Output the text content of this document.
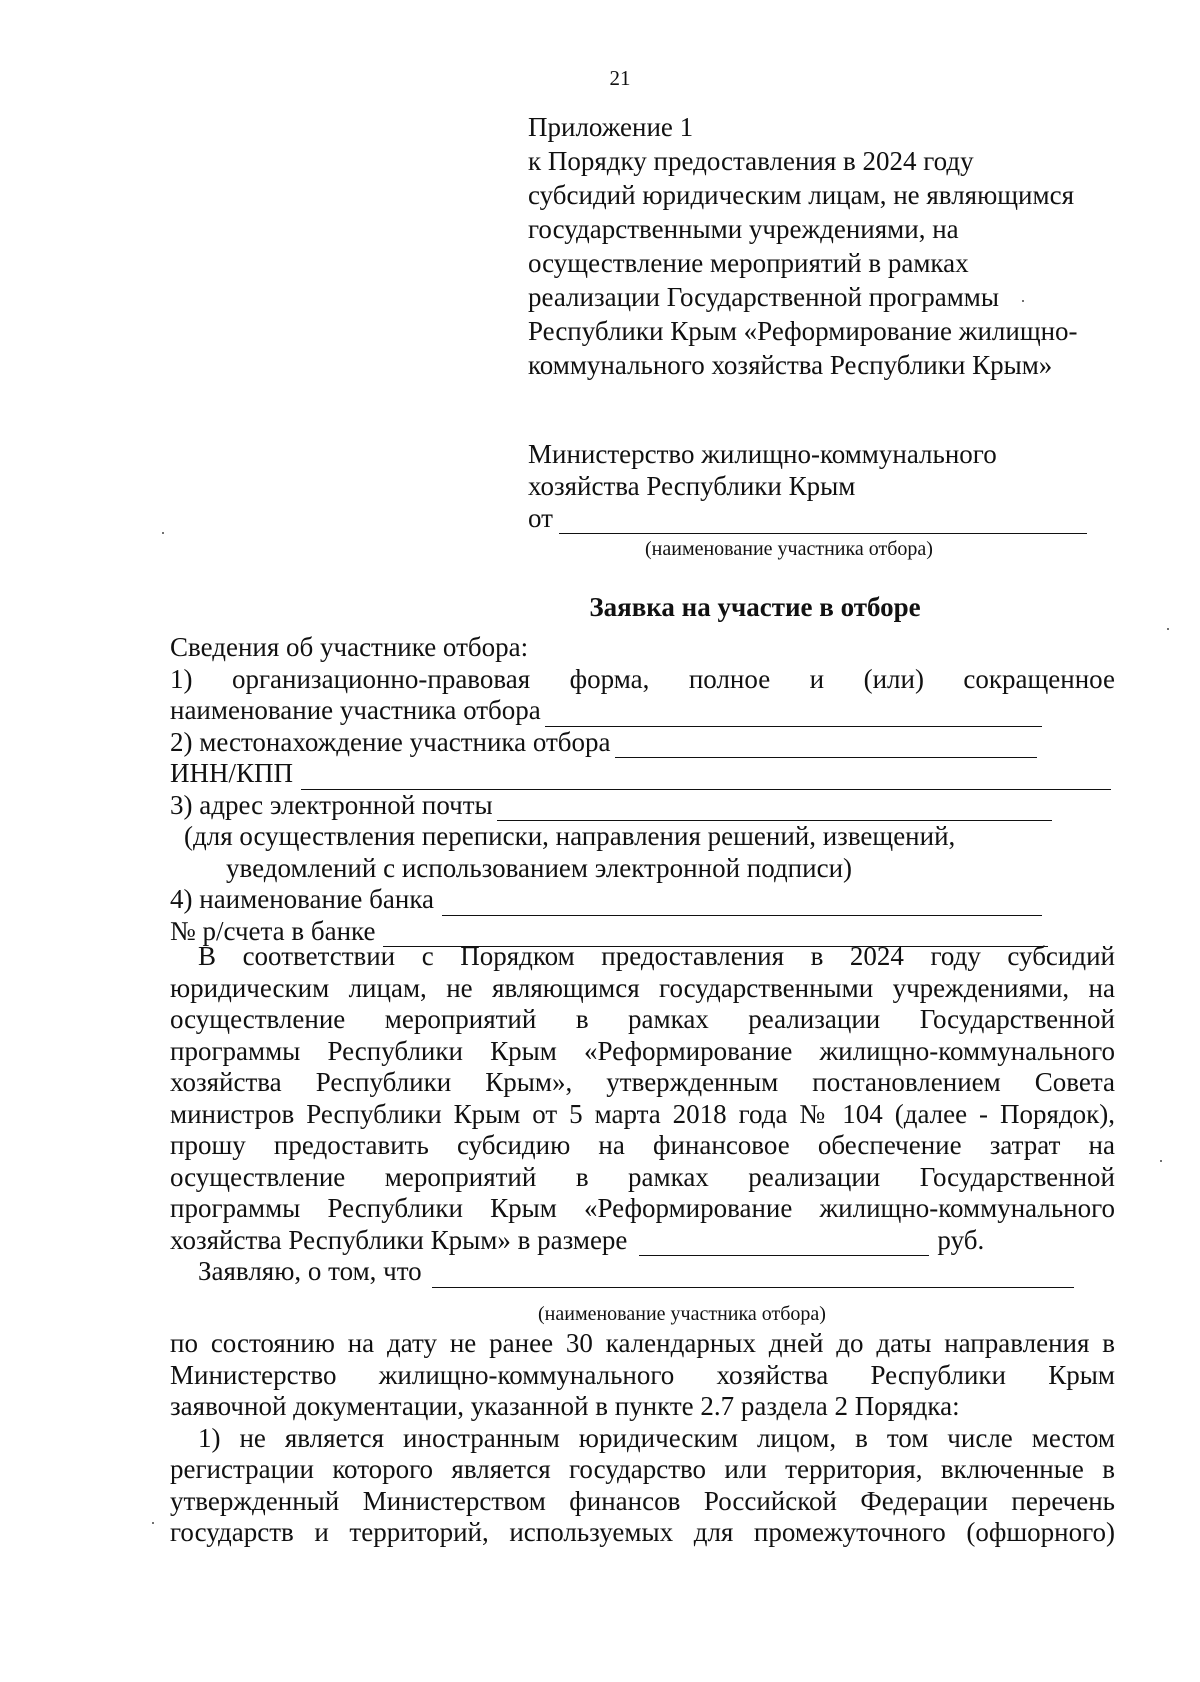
21
Приложение 1
к Порядку предоставления в 2024 году
субсидий юридическим лицам, не являющимся
государственными учреждениями, на
осуществление мероприятий в рамках
реализации Государственной программы
Республики Крым «Реформирование жилищно-
коммунального хозяйства Республики Крым»
Министерство жилищно-коммунального
хозяйства Республики Крым
от
(наименование участника отбора)
Заявка на участие в отборе
Сведения об участнике отбора:
1) организационно-правовая форма, полное и (или) сокращенное
наименование участника отбора
2) местонахождение участника отбора
ИНН/КПП
3) адрес электронной почты
(для осуществления переписки, направления решений, извещений,
уведомлений с использованием электронной подписи)
4) наименование банка
№ р/счета в банке
В соответствии с Порядком предоставления в 2024 году субсидий
юридическим лицам, не являющимся государственными учреждениями, на
осуществление мероприятий в рамках реализации Государственной
программы Республики Крым «Реформирование жилищно-коммунального
хозяйства Республики Крым», утвержденным постановлением Совета
министров Республики Крым от 5 марта 2018 года № 104 (далее - Порядок),
прошу предоставить субсидию на финансовое обеспечение затрат на
осуществление мероприятий в рамках реализации Государственной
программы Республики Крым «Реформирование жилищно-коммунального
хозяйства Республики Крым» в размере	руб.
Заявляю, о том, что
(наименование участника отбора)
по состоянию на дату не ранее 30 календарных дней до даты направления в
Министерство жилищно-коммунального хозяйства Республики Крым
заявочной документации, указанной в пункте 2.7 раздела 2 Порядка:
1) не является иностранным юридическим лицом, в том числе местом
регистрации которого является государство или территория, включенные в
утвержденный Министерством финансов Российской Федерации перечень
государств и территорий, используемых для промежуточного (офшорного)
